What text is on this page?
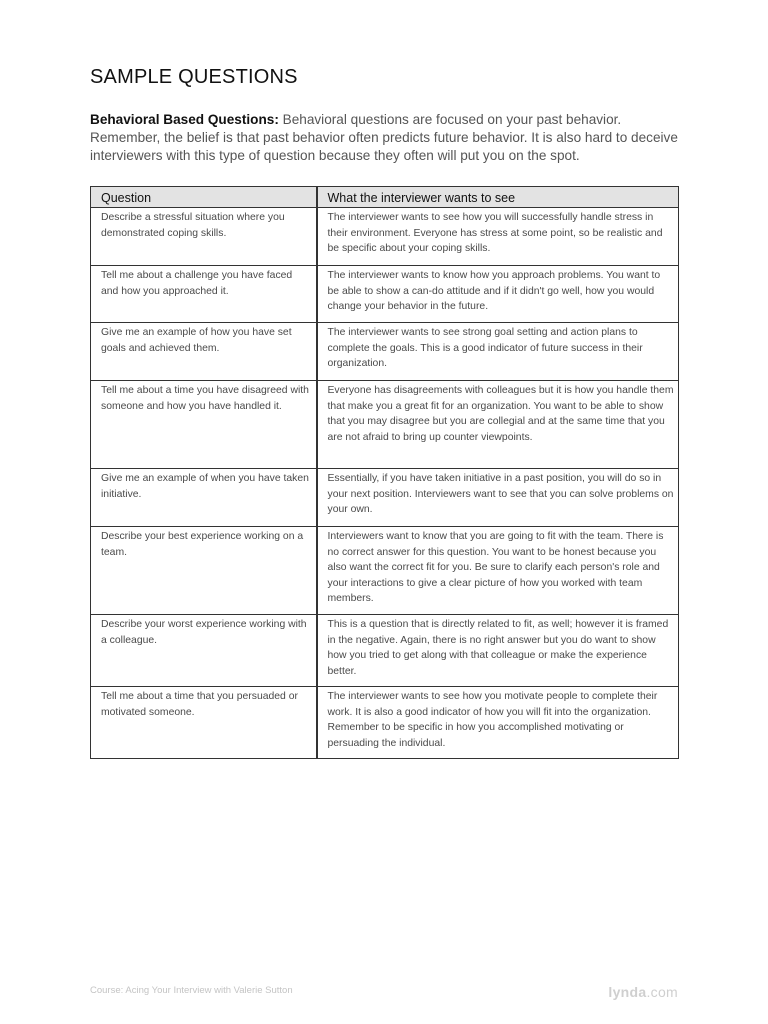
SAMPLE QUESTIONS

Behavioral Based Questions: Behavioral questions are focused on your past behavior. Remember, the belief is that past behavior often predicts future behavior. It is also hard to deceive interviewers with this type of question because they often will put you on the spot.

Question	What the interviewer wants to see
Describe a stressful situation where you demonstrated coping skills.	The interviewer wants to see how you will successfully handle stress in their environment. Everyone has stress at some point, so be realistic and be specific about your coping skills.
Tell me about a challenge you have faced and how you approached it.	The interviewer wants to know how you approach problems. You want to be able to show a can-do attitude and if it didn't go well, how you would change your behavior in the future.
Give me an example of how you have set goals and achieved them.	The interviewer wants to see strong goal setting and action plans to complete the goals. This is a good indicator of future success in their organization.
Tell me about a time you have disagreed with someone and how you have handled it.	Everyone has disagreements with colleagues but it is how you handle them that make you a great fit for an organization. You want to be able to show that you may disagree but you are collegial and at the same time that you are not afraid to bring up counter viewpoints.
Give me an example of when you have taken initiative.	Essentially, if you have taken initiative in a past position, you will do so in your next position. Interviewers want to see that you can solve problems on your own.
Describe your best experience working on a team.	Interviewers want to know that you are going to fit with the team. There is no correct answer for this question. You want to be honest because you also want the correct fit for you. Be sure to clarify each person's role and your interactions to give a clear picture of how you worked with team members.
Describe your worst experience working with a colleague.	This is a question that is directly related to fit, as well; however it is framed in the negative. Again, there is no right answer but you do want to show how you tried to get along with that colleague or make the experience better.
Tell me about a time that you persuaded or motivated someone.	The interviewer wants to see how you motivate people to complete their work. It is also a good indicator of how you will fit into the organization. Remember to be specific in how you accomplished motivating or persuading the individual.
Course: Acing Your Interview with Valerie Sutton	lynda.com
